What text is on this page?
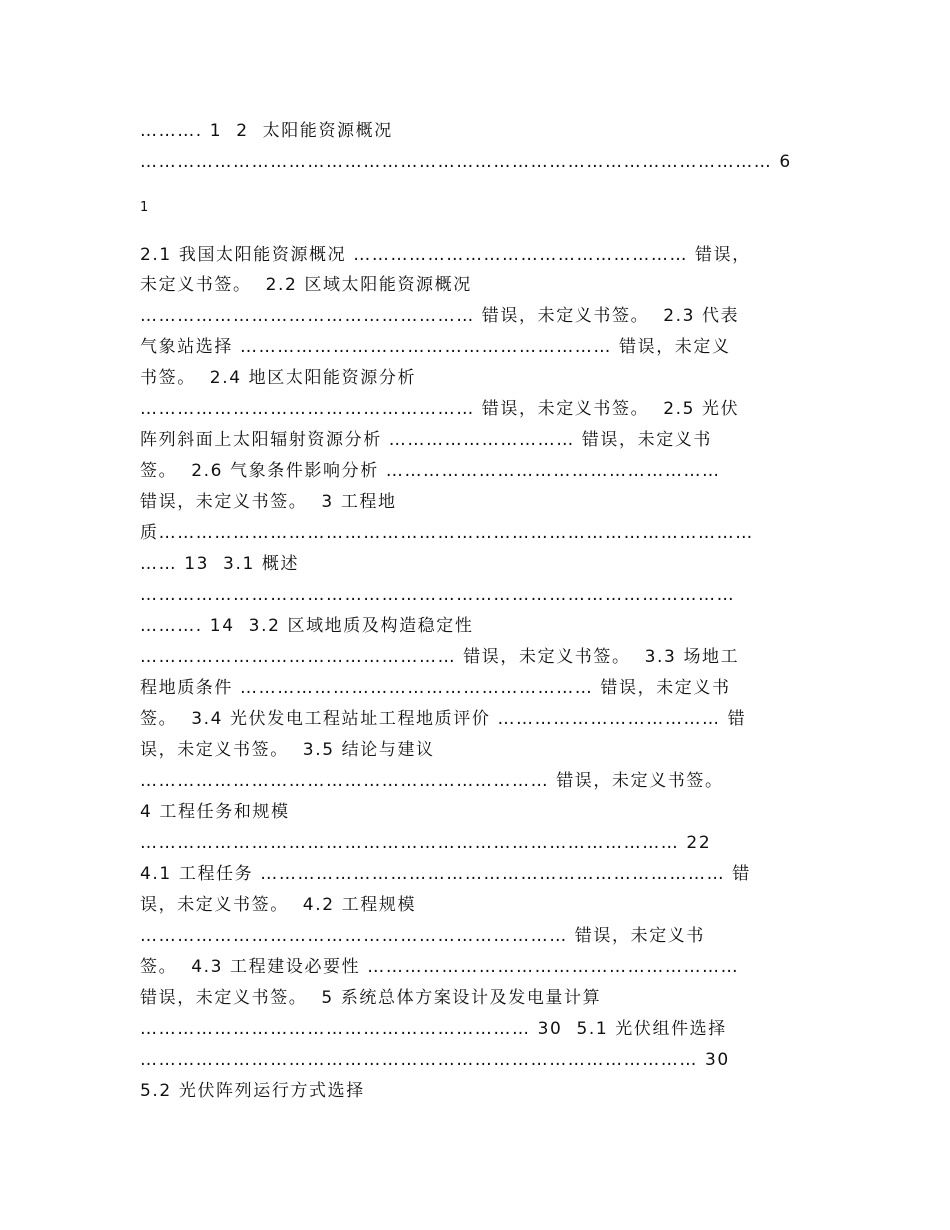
………. 1  2  太阳能资源概况
………………………………………………………………………………………… 6
1
2.1 我国太阳能资源概况 ……………………………………………… 错误，
未定义书签。  2.2 区域太阳能资源概况
……………………………………………… 错误，未定义书签。  2.3 代表
气象站选择 …………………………………………………… 错误，未定义
书签。  2.4 地区太阳能资源分析
……………………………………………… 错误，未定义书签。  2.5 光伏
阵列斜面上太阳辐射资源分析 ………………………… 错误，未定义书
签。  2.6 气象条件影响分析 ………………………………………………
错误，未定义书签。  3 工程地
质……………………………………………………………………………………
…… 13  3.1 概述
……………………………………………………………………………………
………. 14  3.2 区域地质及构造稳定性
…………………………………………… 错误，未定义书签。  3.3 场地工
程地质条件 ………………………………………………… 错误，未定义书
签。  3.4 光伏发电工程站址工程地质评价 ……………………………… 错
误，未定义书签。  3.5 结论与建议
………………………………………………………… 错误，未定义书签。
4 工程任务和规模
…………………………………………………………………………… 22
4.1 工程任务 ………………………………………………………………… 错
误，未定义书签。  4.2 工程规模
…………………………………………………………… 错误，未定义书
签。  4.3 工程建设必要性 ……………………………………………………
错误，未定义书签。  5 系统总体方案设计及发电量计算
……………………………………………………… 30  5.1 光伏组件选择
……………………………………………………………………………… 30
5.2 光伏阵列运行方式选择
